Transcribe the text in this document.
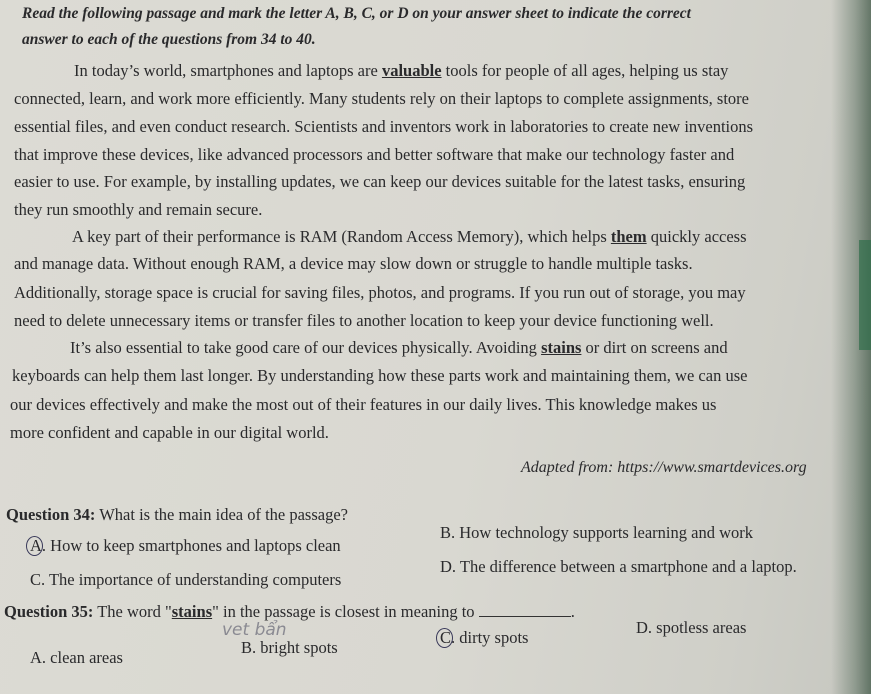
Read the following passage and mark the letter A, B, C, or D on your answer sheet to indicate the correct
answer to each of the questions from 34 to 40.
In today’s world, smartphones and laptops are valuable tools for people of all ages, helping us stay
connected, learn, and work more efficiently. Many students rely on their laptops to complete assignments, store
essential files, and even conduct research. Scientists and inventors work in laboratories to create new inventions
that improve these devices, like advanced processors and better software that make our technology faster and
easier to use. For example, by installing updates, we can keep our devices suitable for the latest tasks, ensuring
they run smoothly and remain secure.
A key part of their performance is RAM (Random Access Memory), which helps them quickly access
and manage data. Without enough RAM, a device may slow down or struggle to handle multiple tasks.
Additionally, storage space is crucial for saving files, photos, and programs. If you run out of storage, you may
need to delete unnecessary items or transfer files to another location to keep your device functioning well.
It’s also essential to take good care of our devices physically. Avoiding stains or dirt on screens and
keyboards can help them last longer. By understanding how these parts work and maintaining them, we can use
our devices effectively and make the most out of their features in our daily lives. This knowledge makes us
more confident and capable in our digital world.
Adapted from: https://www.smartdevices.org
Question 34: What is the main idea of the passage?
A. How to keep smartphones and laptops clean
B. How technology supports learning and work
C. The importance of understanding computers
D. The difference between a smartphone and a laptop.
Question 35: The word "stains" in the passage is closest in meaning to	.
vet bẩn
A. clean areas
B. bright spots
C. dirty spots
D. spotless areas
